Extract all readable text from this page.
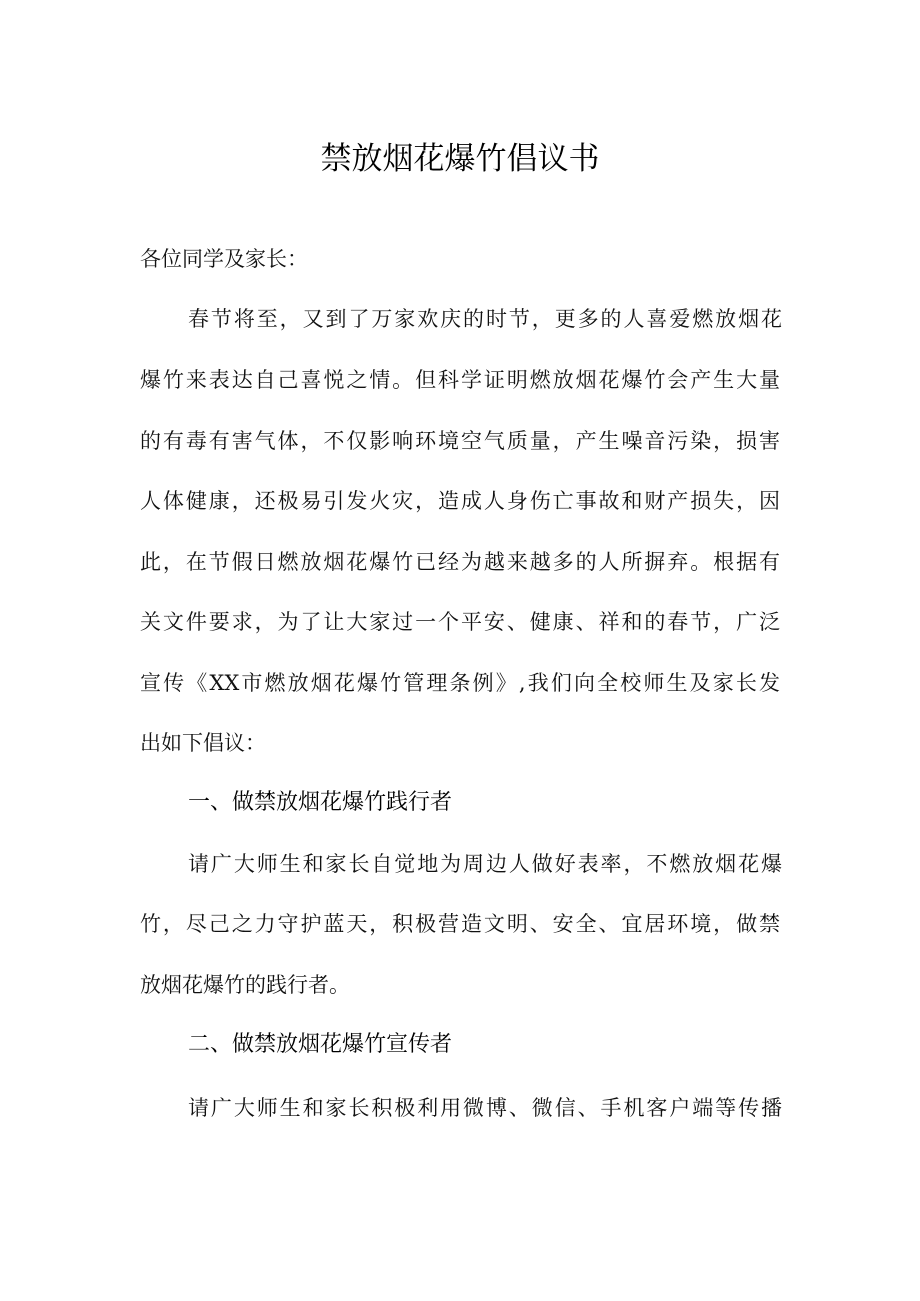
禁放烟花爆竹倡议书
各位同学及家长：
春节将至，又到了万家欢庆的时节，更多的人喜爱燃放烟花
爆竹来表达自己喜悦之情。但科学证明燃放烟花爆竹会产生大量
的有毒有害气体，不仅影响环境空气质量，产生噪音污染，损害
人体健康，还极易引发火灾，造成人身伤亡事故和财产损失，因
此，在节假日燃放烟花爆竹已经为越来越多的人所摒弃。根据有
关文件要求，为了让大家过一个平安、健康、祥和的春节，广泛
宣传《XX市燃放烟花爆竹管理条例》,我们向全校师生及家长发
出如下倡议：
一、做禁放烟花爆竹践行者
请广大师生和家长自觉地为周边人做好表率，不燃放烟花爆
竹，尽己之力守护蓝天，积极营造文明、安全、宜居环境，做禁
放烟花爆竹的践行者。
二、做禁放烟花爆竹宣传者
请广大师生和家长积极利用微博、微信、手机客户端等传播
